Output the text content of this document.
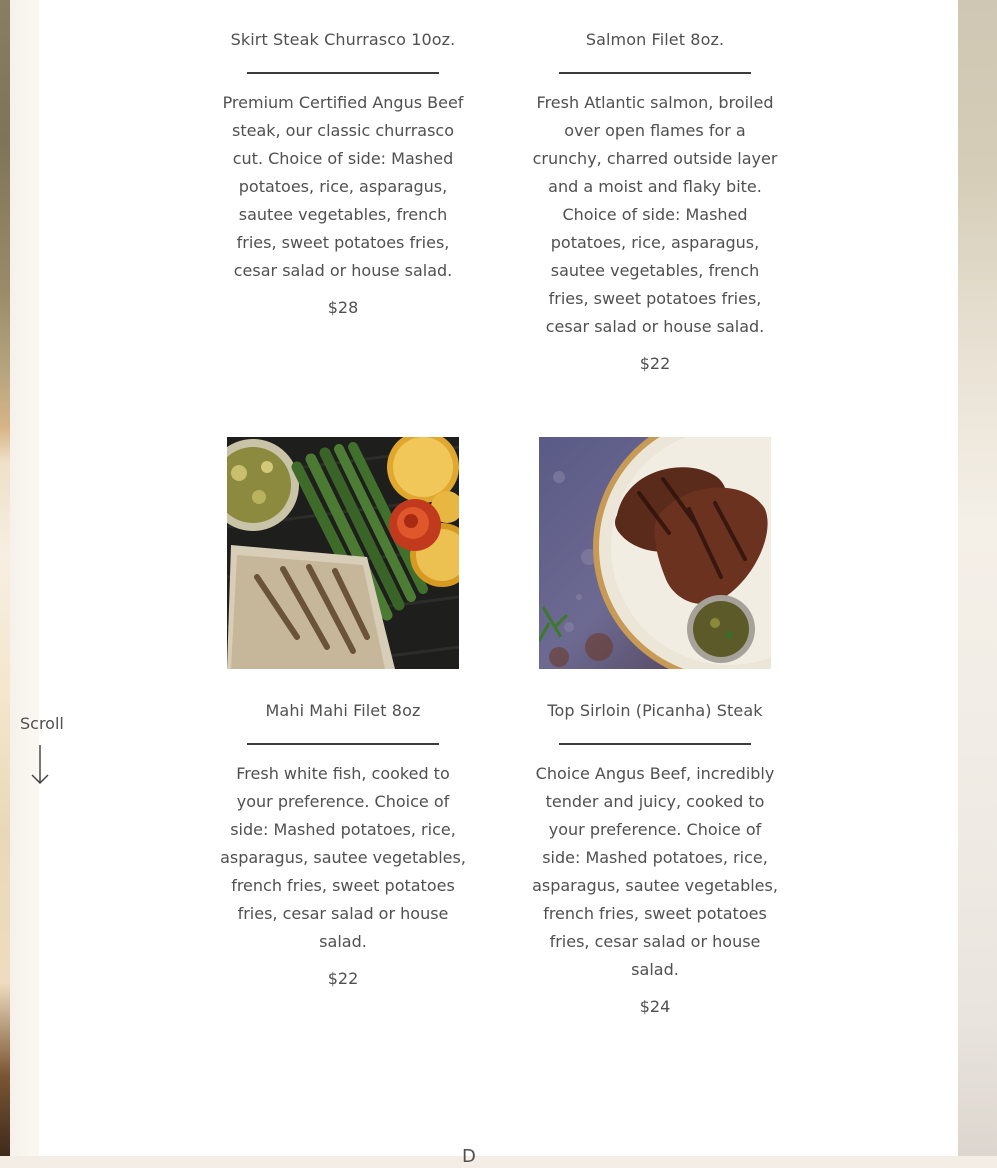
Skirt Steak Churrasco 10oz.
Premium Certified Angus Beef steak, our classic churrasco cut. Choice of side: Mashed potatoes, rice, asparagus, sautee vegetables, french fries, sweet potatoes fries, cesar salad or house salad.
$28
Salmon Filet 8oz.
Fresh Atlantic salmon, broiled over open flames for a crunchy, charred outside layer and a moist and flaky bite. Choice of side: Mashed potatoes, rice, asparagus, sautee vegetables, french fries, sweet potatoes fries, cesar salad or house salad.
$22
Mahi Mahi Filet 8oz
Fresh white fish, cooked to your preference. Choice of side: Mashed potatoes, rice, asparagus, sautee vegetables, french fries, sweet potatoes fries, cesar salad or house salad.
$22
Top Sirloin (Picanha) Steak
Choice Angus Beef, incredibly tender and juicy, cooked to your preference. Choice of side: Mashed potatoes, rice, asparagus, sautee vegetables, french fries, sweet potatoes fries, cesar salad or house salad.
$24
Scroll
D
